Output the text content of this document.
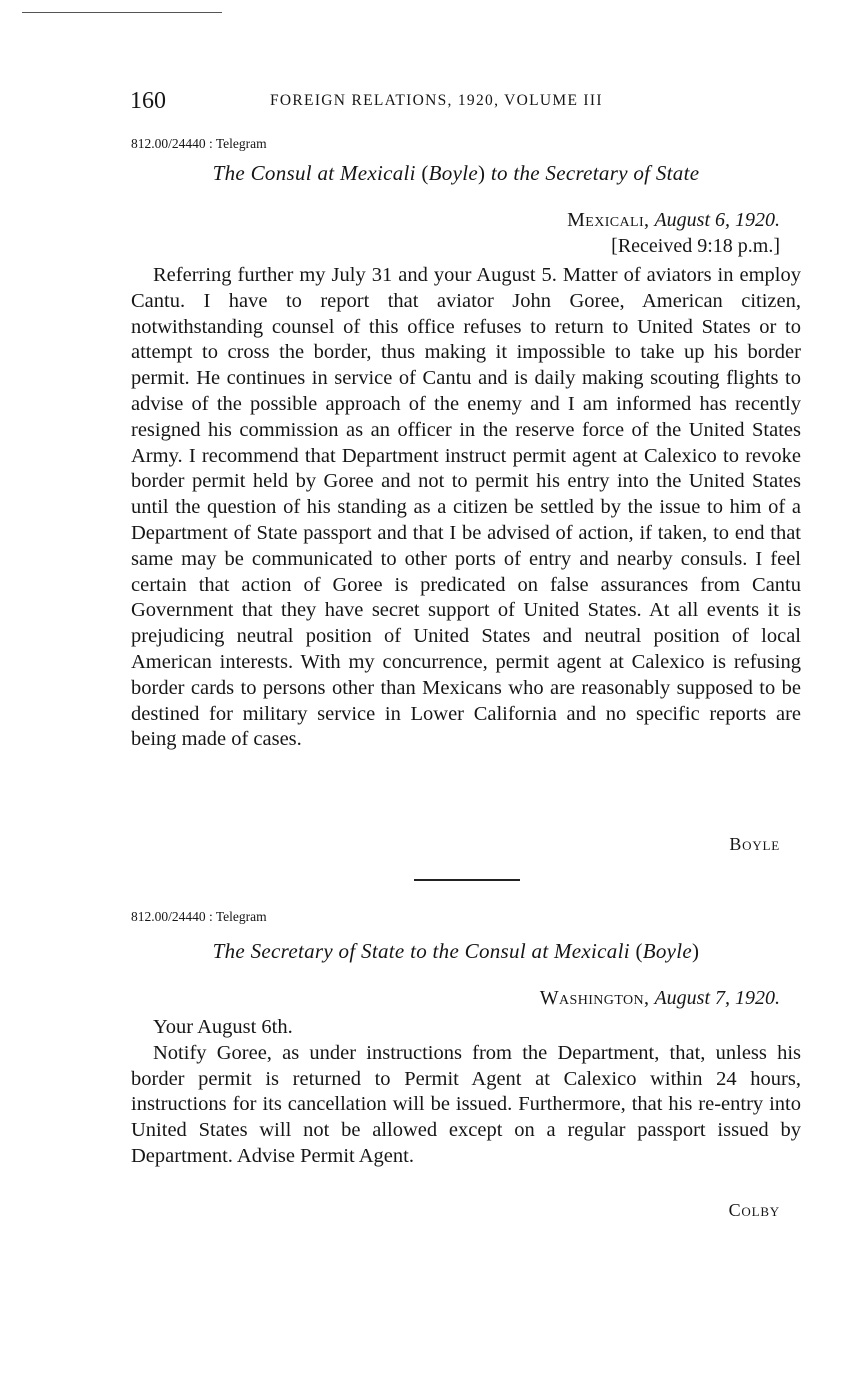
160	FOREIGN RELATIONS, 1920, VOLUME III
812.00/24440 : Telegram
The Consul at Mexicali (Boyle) to the Secretary of State
Mexicali, August 6, 1920.
[Received 9:18 p.m.]

Referring further my July 31 and your August 5. Matter of aviators in employ Cantu. I have to report that aviator John Goree, American citizen, notwithstanding counsel of this office refuses to return to United States or to attempt to cross the border, thus making it impossible to take up his border permit. He continues in service of Cantu and is daily making scouting flights to advise of the possible approach of the enemy and I am informed has recently resigned his commission as an officer in the reserve force of the United States Army. I recommend that Department instruct permit agent at Calexico to revoke border permit held by Goree and not to permit his entry into the United States until the question of his standing as a citizen be settled by the issue to him of a Department of State passport and that I be advised of action, if taken, to end that same may be communicated to other ports of entry and nearby consuls. I feel certain that action of Goree is predicated on false assurances from Cantu Government that they have secret support of United States. At all events it is prejudicing neutral position of United States and neutral position of local American interests. With my concurrence, permit agent at Calexico is refusing border cards to persons other than Mexicans who are reasonably supposed to be destined for military service in Lower California and no specific reports are being made of cases.

Boyle
812.00/24440 : Telegram
The Secretary of State to the Consul at Mexicali (Boyle)
Washington, August 7, 1920.

Your August 6th.

Notify Goree, as under instructions from the Department, that, unless his border permit is returned to Permit Agent at Calexico within 24 hours, instructions for its cancellation will be issued. Furthermore, that his re-entry into United States will not be allowed except on a regular passport issued by Department. Advise Permit Agent.

Colby
